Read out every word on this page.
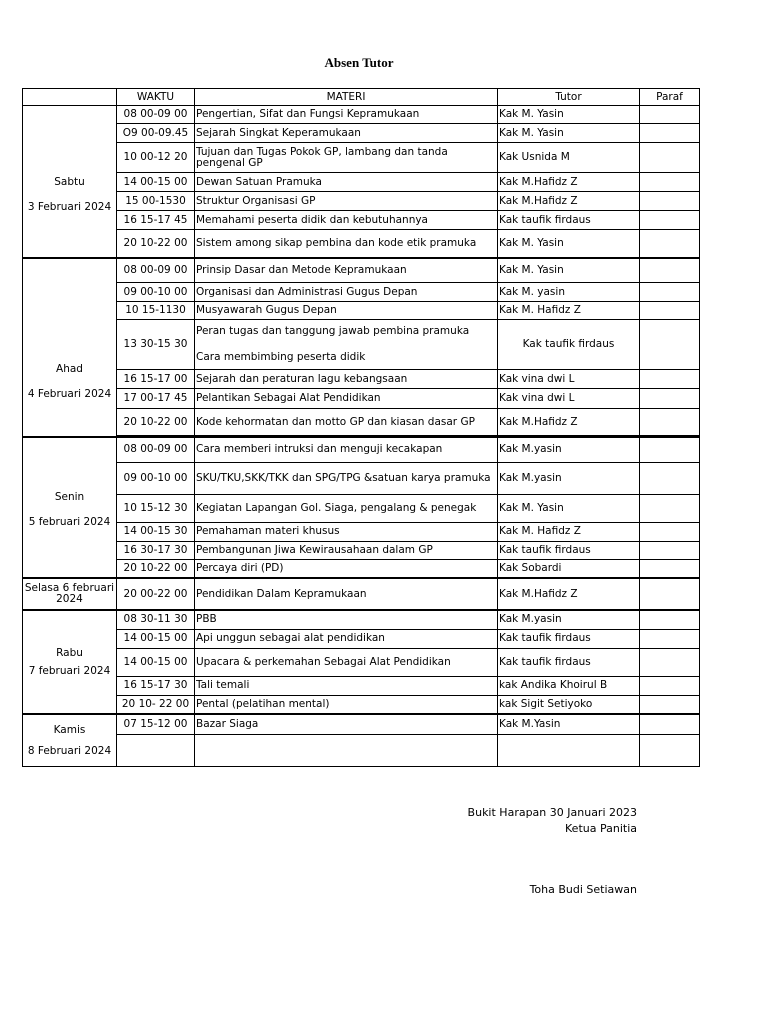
Absen Tutor
	WAKTU	MATERI	Tutor	Paraf

Sabtu
3 Februari 2024	08 00-09 00	Pengertian, Sifat dan Fungsi Kepramukaan	Kak M. Yasin	
	O9 00-09.45	Sejarah Singkat Keperamukaan	Kak M. Yasin	
	10 00-12 20	Tujuan dan Tugas Pokok GP, lambang dan tanda pengenal GP	Kak Usnida M	
	14 00-15 00	Dewan Satuan Pramuka	Kak M.Hafidz Z	
	15 00-1530	Struktur Organisasi GP	Kak M.Hafidz Z	
	16 15-17 45	Memahami peserta didik dan kebutuhannya	Kak taufik firdaus	
	20 10-22 00	Sistem among sikap pembina dan kode etik pramuka	Kak M. Yasin	

Ahad
4 Februari 2024	08 00-09 00	Prinsip Dasar dan Metode Kepramukaan	Kak M. Yasin	
	09 00-10 00	Organisasi dan Administrasi Gugus Depan	Kak M. yasin	
	10 15-1130	Musyawarah Gugus Depan	Kak M. Hafidz Z	
	13 30-15 30	Peran tugas dan tanggung jawab pembina pramuka
Cara membimbing peserta didik	Kak taufik firdaus	
	16 15-17 00	Sejarah dan peraturan lagu kebangsaan	Kak vina dwi L	
	17 00-17 45	Pelantikan Sebagai Alat Pendidikan	Kak vina dwi L	
	20 10-22 00	Kode kehormatan dan motto GP dan kiasan dasar GP	Kak M.Hafidz Z	

Senin
5 februari 2024	08 00-09 00	Cara memberi intruksi dan menguji kecakapan	Kak M.yasin	
	09 00-10 00	SKU/TKU,SKK/TKK dan SPG/TPG &satuan karya pramuka	Kak M.yasin	
	10 15-12 30	Kegiatan Lapangan Gol. Siaga, pengalang & penegak	Kak M. Yasin	
	14 00-15 30	Pemahaman materi khusus	Kak M. Hafidz Z	
	16 30-17 30	Pembangunan Jiwa Kewirausahaan dalam GP	Kak taufik firdaus	
	20 10-22 00	Percaya diri (PD)	Kak Sobardi	
Selasa 6 februari 2024	20 00-22 00	Pendidikan Dalam Kepramukaan	Kak M.Hafidz Z	

Rabu
7 februari 2024	08 30-11 30	PBB	Kak M.yasin	
	14 00-15 00	Api unggun sebagai alat pendidikan	Kak taufik firdaus	
	14 00-15 00	Upacara & perkemahan Sebagai Alat Pendidikan	Kak taufik firdaus	
	16 15-17 30	Tali temali	kak Andika Khoirul B	
	20 10- 22 00	Pental (pelatihan mental)	kak Sigit Setiyoko	

Kamis
8 Februari 2024	07 15-12 00	Bazar Siaga	Kak M.Yasin	

Bukit Harapan 30 Januari 2023
Ketua Panitia
Toha Budi Setiawan
